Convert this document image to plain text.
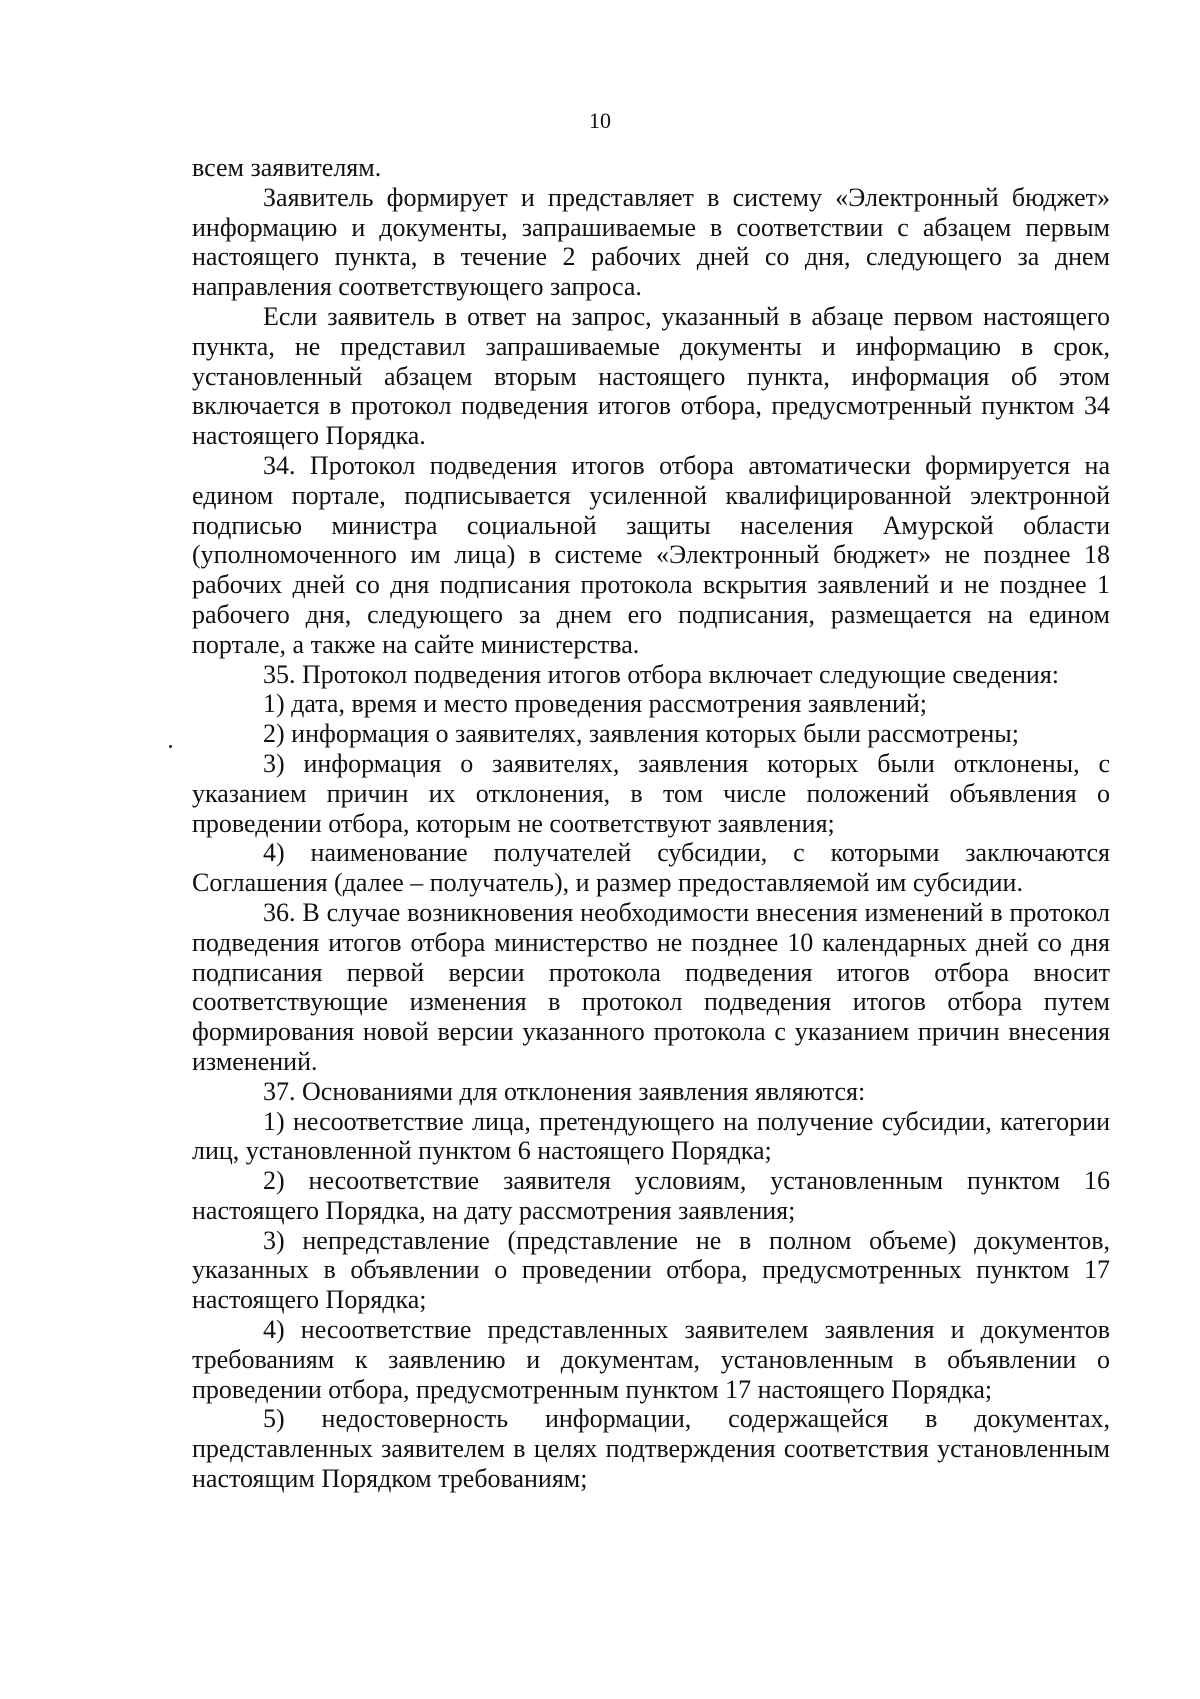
10

всем заявителям.

Заявитель формирует и представляет в систему «Электронный бюджет» информацию и документы, запрашиваемые в соответствии с абзацем первым настоящего пункта, в течение 2 рабочих дней со дня, следующего за днем направления соответствующего запроса.

Если заявитель в ответ на запрос, указанный в абзаце первом настоящего пункта, не представил запрашиваемые документы и информацию в срок, установленный абзацем вторым настоящего пункта, информация об этом включается в протокол подведения итогов отбора, предусмотренный пунктом 34 настоящего Порядка.

34. Протокол подведения итогов отбора автоматически формируется на едином портале, подписывается усиленной квалифицированной электронной подписью министра социальной защиты населения Амурской области (уполномоченного им лица) в системе «Электронный бюджет» не позднее 18 рабочих дней со дня подписания протокола вскрытия заявлений и не позднее 1 рабочего дня, следующего за днем его подписания, размещается на едином портале, а также на сайте министерства.

35. Протокол подведения итогов отбора включает следующие сведения:

1) дата, время и место проведения рассмотрения заявлений;

2) информация о заявителях, заявления которых были рассмотрены;

3) информация о заявителях, заявления которых были отклонены, с указанием причин их отклонения, в том числе положений объявления о проведении отбора, которым не соответствуют заявления;

4) наименование получателей субсидии, с которыми заключаются Соглашения (далее – получатель), и размер предоставляемой им субсидии.

36. В случае возникновения необходимости внесения изменений в протокол подведения итогов отбора министерство не позднее 10 календарных дней со дня подписания первой версии протокола подведения итогов отбора вносит соответствующие изменения в протокол подведения итогов отбора путем формирования новой версии указанного протокола с указанием причин внесения изменений.

37. Основаниями для отклонения заявления являются:

1) несоответствие лица, претендующего на получение субсидии, категории лиц, установленной пунктом 6 настоящего Порядка;

2) несоответствие заявителя условиям, установленным пунктом 16 настоящего Порядка, на дату рассмотрения заявления;

3) непредставление (представление не в полном объеме) документов, указанных в объявлении о проведении отбора, предусмотренных пунктом 17 настоящего Порядка;

4) несоответствие представленных заявителем заявления и документов требованиям к заявлению и документам, установленным в объявлении о проведении отбора, предусмотренным пунктом 17 настоящего Порядка;

5) недостоверность информации, содержащейся в документах, представленных заявителем в целях подтверждения соответствия установленным настоящим Порядком требованиям;
